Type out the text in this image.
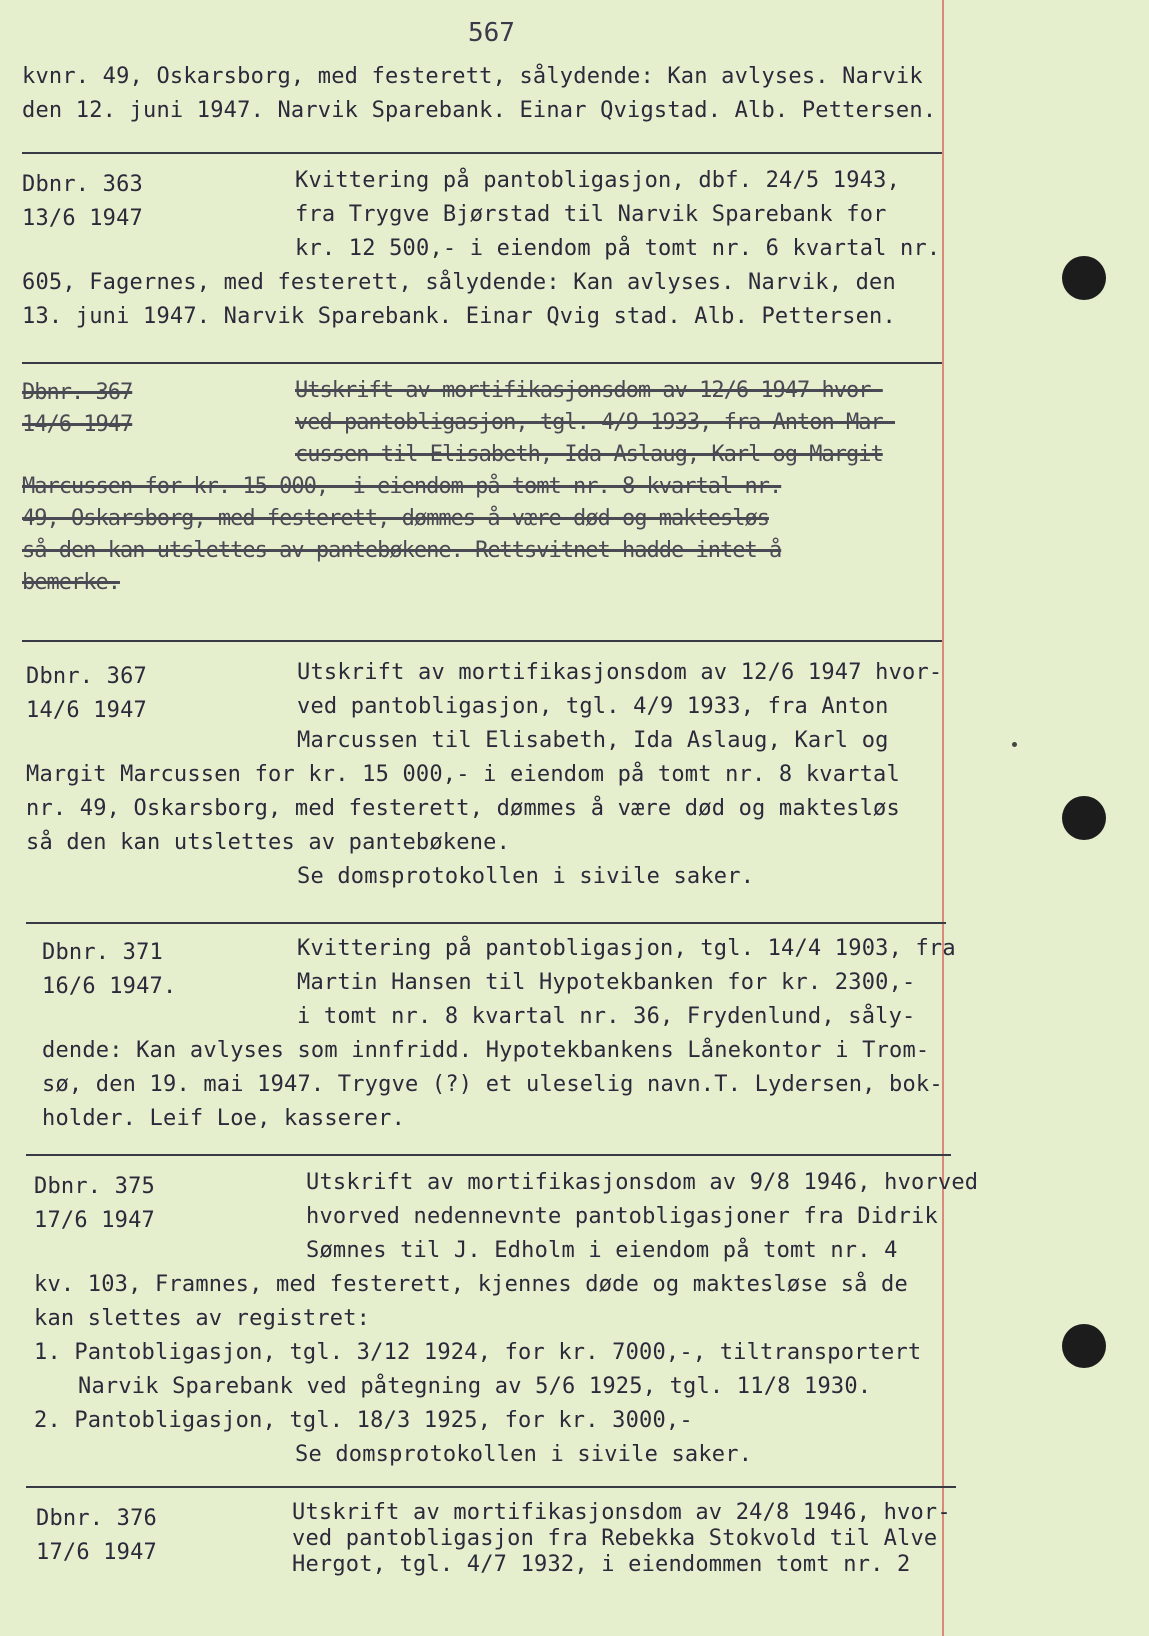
567
kvnr. 49, Oskarsborg, med festerett, sålydende: Kan avlyses. Narvik
den 12. juni 1947. Narvik Sparebank. Einar Qvigstad. Alb. Pettersen.
Dbnr. 363
13/6 1947
Kvittering på pantobligasjon, dbf. 24/5 1943,
fra Trygve Bjørstad til Narvik Sparebank for
kr. 12 500,- i eiendom på tomt nr. 6 kvartal nr.
605, Fagernes, med festerett, sålydende: Kan avlyses. Narvik, den
13. juni 1947. Narvik Sparebank. Einar Qvig stad. Alb. Pettersen.
Dbnr. 367
14/6 1947
Utskrift av mortifikasjonsdom av 12/6 1947 hvor-
ved pantobligasjon, tgl. 4/9 1933, fra Anton Mar-
cussen til Elisabeth, Ida Aslaug, Karl og Margit
Marcussen for kr. 15 000,- i eiendom på tomt nr. 8 kvartal nr.
49, Oskarsborg, med festerett, dømmes å være død og maktesløs
så den kan utslettes av pantebøkene. Rettsvitnet hadde intet å
bemerke.
Dbnr. 367
14/6 1947
Utskrift av mortifikasjonsdom av 12/6 1947 hvor-
ved pantobligasjon, tgl. 4/9 1933, fra Anton
Marcussen til Elisabeth, Ida Aslaug, Karl og
Margit Marcussen for kr. 15 000,- i eiendom på tomt nr. 8 kvartal
nr. 49, Oskarsborg, med festerett, dømmes å være død og maktesløs
så den kan utslettes av pantebøkene.
Se domsprotokollen i sivile saker.
Dbnr. 371
16/6 1947.
Kvittering på pantobligasjon, tgl. 14/4 1903, fra
Martin Hansen til Hypotekbanken for kr. 2300,-
i tomt nr. 8 kvartal nr. 36, Frydenlund, såly-
dende: Kan avlyses som innfridd. Hypotekbankens Lånekontor i Trom-
sø, den 19. mai 1947. Trygve (?) et uleselig navn.T. Lydersen, bok-
holder. Leif Loe, kasserer.
Dbnr. 375
17/6 1947
Utskrift av mortifikasjonsdom av 9/8 1946, hvorved
hvorved nedennevnte pantobligasjoner fra Didrik
Sømnes til J. Edholm i eiendom på tomt nr. 4
kv. 103, Framnes, med festerett, kjennes døde og maktesløse så de
kan slettes av registret:
1. Pantobligasjon, tgl. 3/12 1924, for kr. 7000,-, tiltransportert
Narvik Sparebank ved påtegning av 5/6 1925, tgl. 11/8 1930.
2. Pantobligasjon, tgl. 18/3 1925, for kr. 3000,-
Se domsprotokollen i sivile saker.
Dbnr. 376
17/6 1947
Utskrift av mortifikasjonsdom av 24/8 1946, hvor-
ved pantobligasjon fra Rebekka Stokvold til Alve
Hergot, tgl. 4/7 1932, i eiendommen tomt nr. 2
